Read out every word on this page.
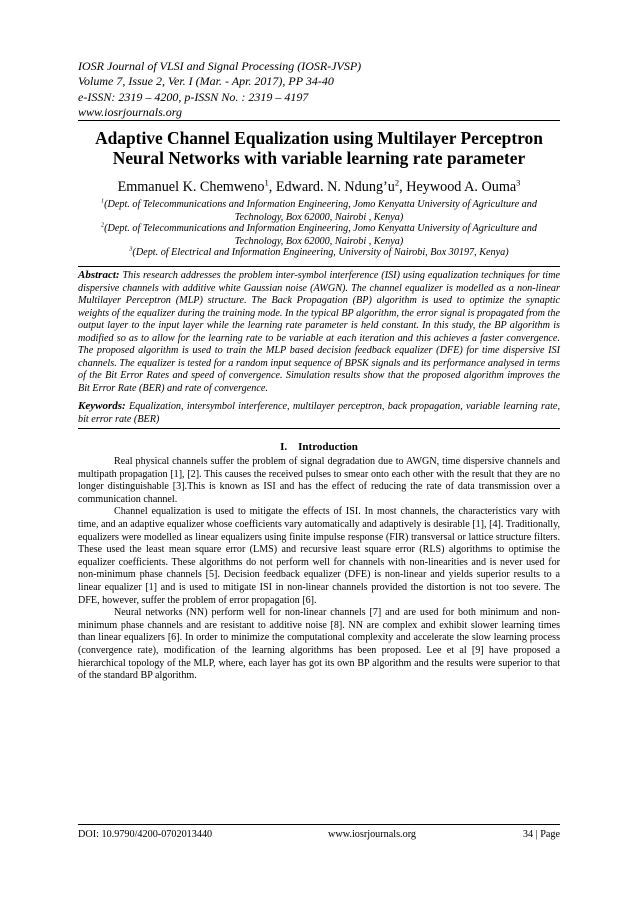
IOSR Journal of VLSI and Signal Processing (IOSR-JVSP)
Volume 7, Issue 2, Ver. I (Mar. - Apr. 2017), PP 34-40
e-ISSN: 2319 – 4200, p-ISSN No. : 2319 – 4197
www.iosrjournals.org
Adaptive Channel Equalization using Multilayer Perceptron
Neural Networks with variable learning rate parameter
Emmanuel K. Chemweno$^1$, Edward. N. $Ndung’u^2$, Heywood A. Ouma$^3$
$^1$(Dept. of Telecommunications and Information Engineering, Jomo Kenyatta University of Agriculture and Technology, Box 62000, Nairobi , Kenya)
$^2$(Dept. of Telecommunications and Information Engineering, Jomo Kenyatta University of Agriculture and Technology, Box 62000, Nairobi , Kenya)
$^3$(Dept. of Electrical and Information Engineering, University of Nairobi, Box 30197, Kenya)
Abstract: This research addresses the problem inter-symbol interference (ISI) using equalization techniques for time dispersive channels with additive white Gaussian noise (AWGN). The channel equalizer is modelled as a non-linear Multilayer Perceptron (MLP) structure. The Back Propagation (BP) algorithm is used to optimize the synaptic weights of the equalizer during the training mode. In the typical BP algorithm, the error signal is propagated from the output layer to the input layer while the learning rate parameter is held constant. In this study, the BP algorithm is modified so as to allow for the learning rate to be variable at each iteration and this achieves a faster convergence. The proposed algorithm is used to train the MLP based decision feedback equalizer (DFE) for time dispersive ISI channels. The equalizer is tested for a random input sequence of BPSK signals and its performance analysed in terms of the Bit Error Rates and speed of convergence. Simulation results show that the proposed algorithm improves the Bit Error Rate (BER) and rate of convergence.
Keywords: Equalization, intersymbol interference, multilayer perceptron, back propagation, variable learning rate, bit error rate (BER)
I.    Introduction

Real physical channels suffer the problem of signal degradation due to AWGN, time dispersive channels and multipath propagation [1], [2]. This causes the received pulses to smear onto each other with the result that they are no longer distinguishable [3].This is known as ISI and has the effect of reducing the rate of data transmission over a communication channel.

Channel equalization is used to mitigate the effects of ISI. In most channels, the characteristics vary with time, and an adaptive equalizer whose coefficients vary automatically and adaptively is desirable [1], [4]. Traditionally, equalizers were modelled as linear equalizers using finite impulse response (FIR) transversal or lattice structure filters. These used the least mean square error (LMS) and recursive least square error (RLS) algorithms to optimise the equalizer coefficients. These algorithms do not perform well for channels with non-linearities and is never used for non-minimum phase channels [5]. Decision feedback equalizer (DFE) is non-linear and yields superior results to a linear equalizer [1] and is used to mitigate ISI in non-linear channels provided the distortion is not too severe. The DFE, however, suffer the problem of error propagation [6].

Neural networks (NN) perform well for non-linear channels [7] and are used for both minimum and non-minimum phase channels and are resistant to additive noise [8]. NN are complex and exhibit slower learning times than linear equalizers [6]. In order to minimize the computational complexity and accelerate the slow learning process (convergence rate), modification of the learning algorithms has been proposed. Lee et al [9] have proposed a hierarchical topology of the MLP, where, each layer has got its own BP algorithm and the results were superior to that of the standard BP algorithm.

DOI: 10.9790/4200-0702013440	www.iosrjournals.org	34 | Page
